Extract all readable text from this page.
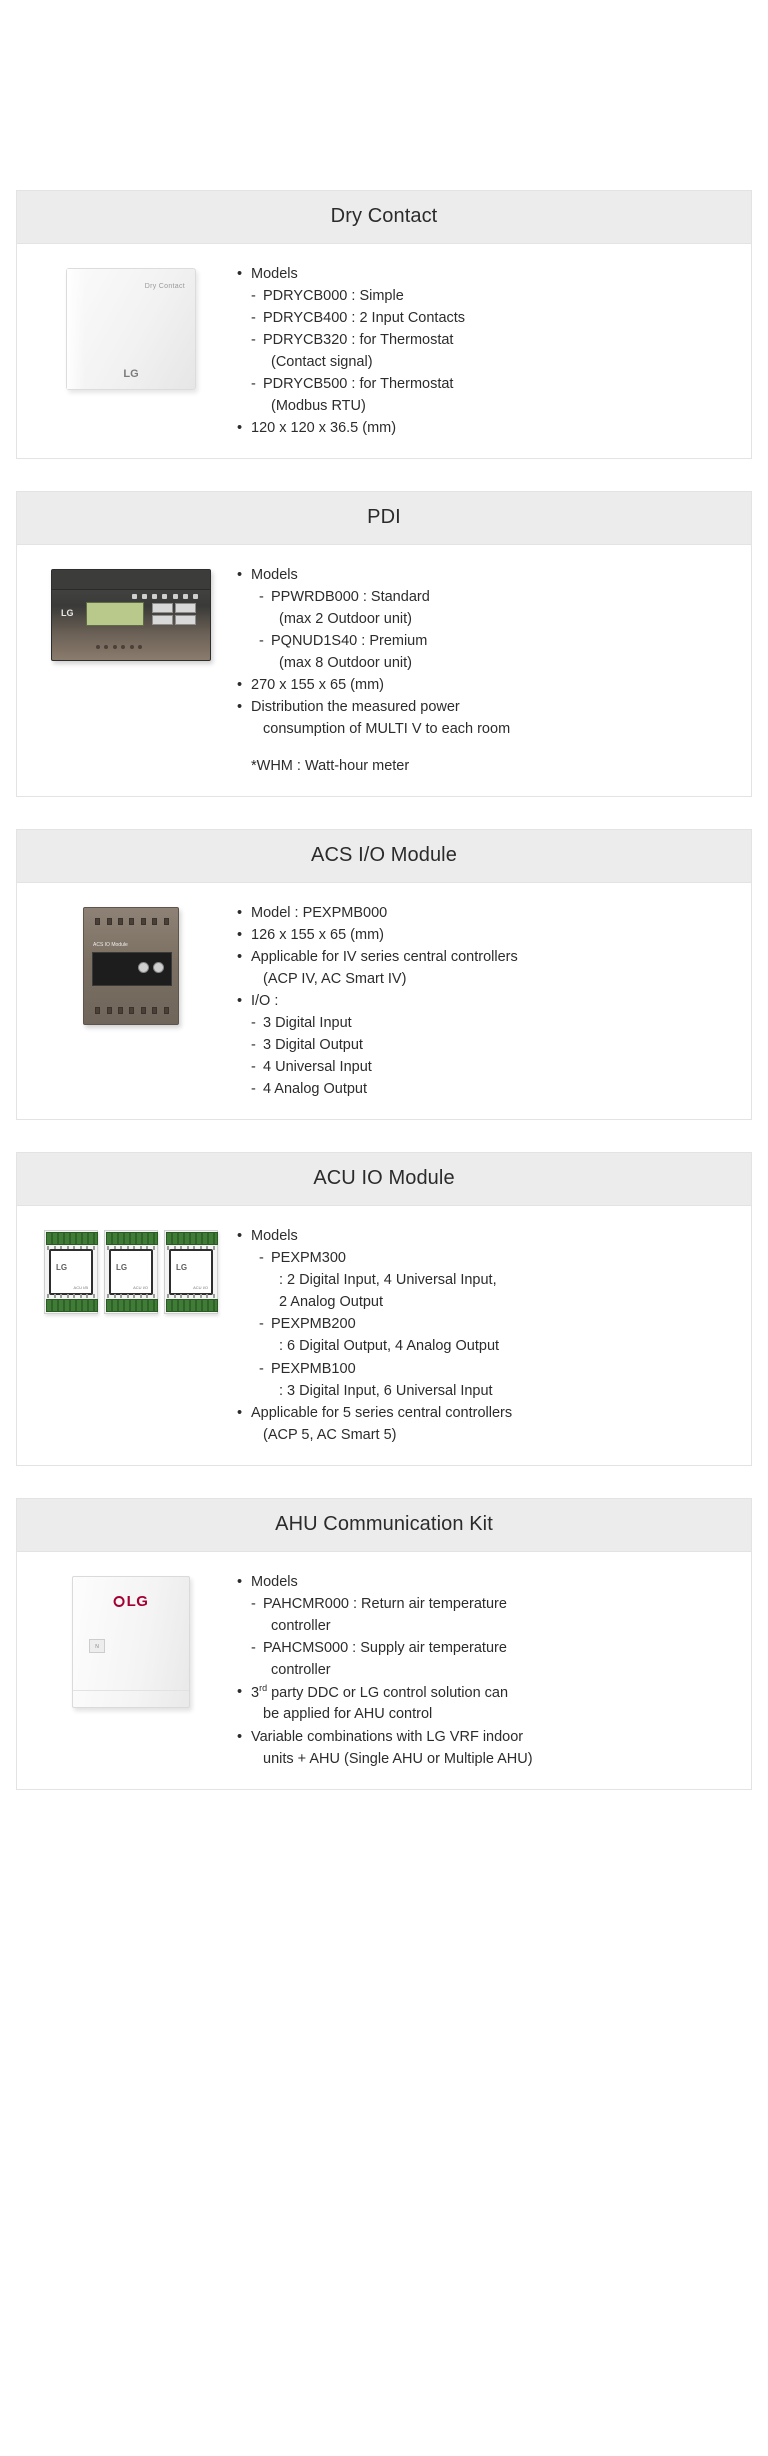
Dry Contact
Dry Contact
LG
• Models
- PDRYCB000 : Simple
- PDRYCB400 : 2 Input Contacts
- PDRYCB320 : for Thermostat
(Contact signal)
- PDRYCB500 : for Thermostat
(Modbus RTU)
• 120 x 120 x 36.5 (mm)
PDI
LG
• Models
- PPWRDB000 : Standard
(max 2 Outdoor unit)
- PQNUD1S40 : Premium
(max 8 Outdoor unit)
• 270 x 155 x 65 (mm)
• Distribution the measured power
consumption of MULTI V to each room
*WHM : Watt-hour meter
ACS I/O Module
ACS IO Module
• Model : PEXPMB000
• 126 x 155 x 65 (mm)
• Applicable for IV series central controllers
(ACP IV, AC Smart IV)
• I/O :
- 3 Digital Input
- 3 Digital Output
- 4 Universal Input
- 4 Analog Output
ACU IO Module
LG
ACU I/B
LG
ACU I/O
LG
ACU I/O
• Models
- PEXPM300
: 2 Digital Input, 4 Universal Input,
2 Analog Output
- PEXPMB200
: 6 Digital Output, 4 Analog Output
- PEXPMB100
: 3 Digital Input, 6 Universal Input
• Applicable for 5 series central controllers
(ACP 5, AC Smart 5)
AHU Communication Kit
LG
N
• Models
- PAHCMR000 : Return air temperature
controller
- PAHCMS000 : Supply air temperature
controller
• 3rd party DDC or LG control solution can
be applied for AHU control
• Variable combinations with LG VRF indoor
units + AHU (Single AHU or Multiple AHU)
